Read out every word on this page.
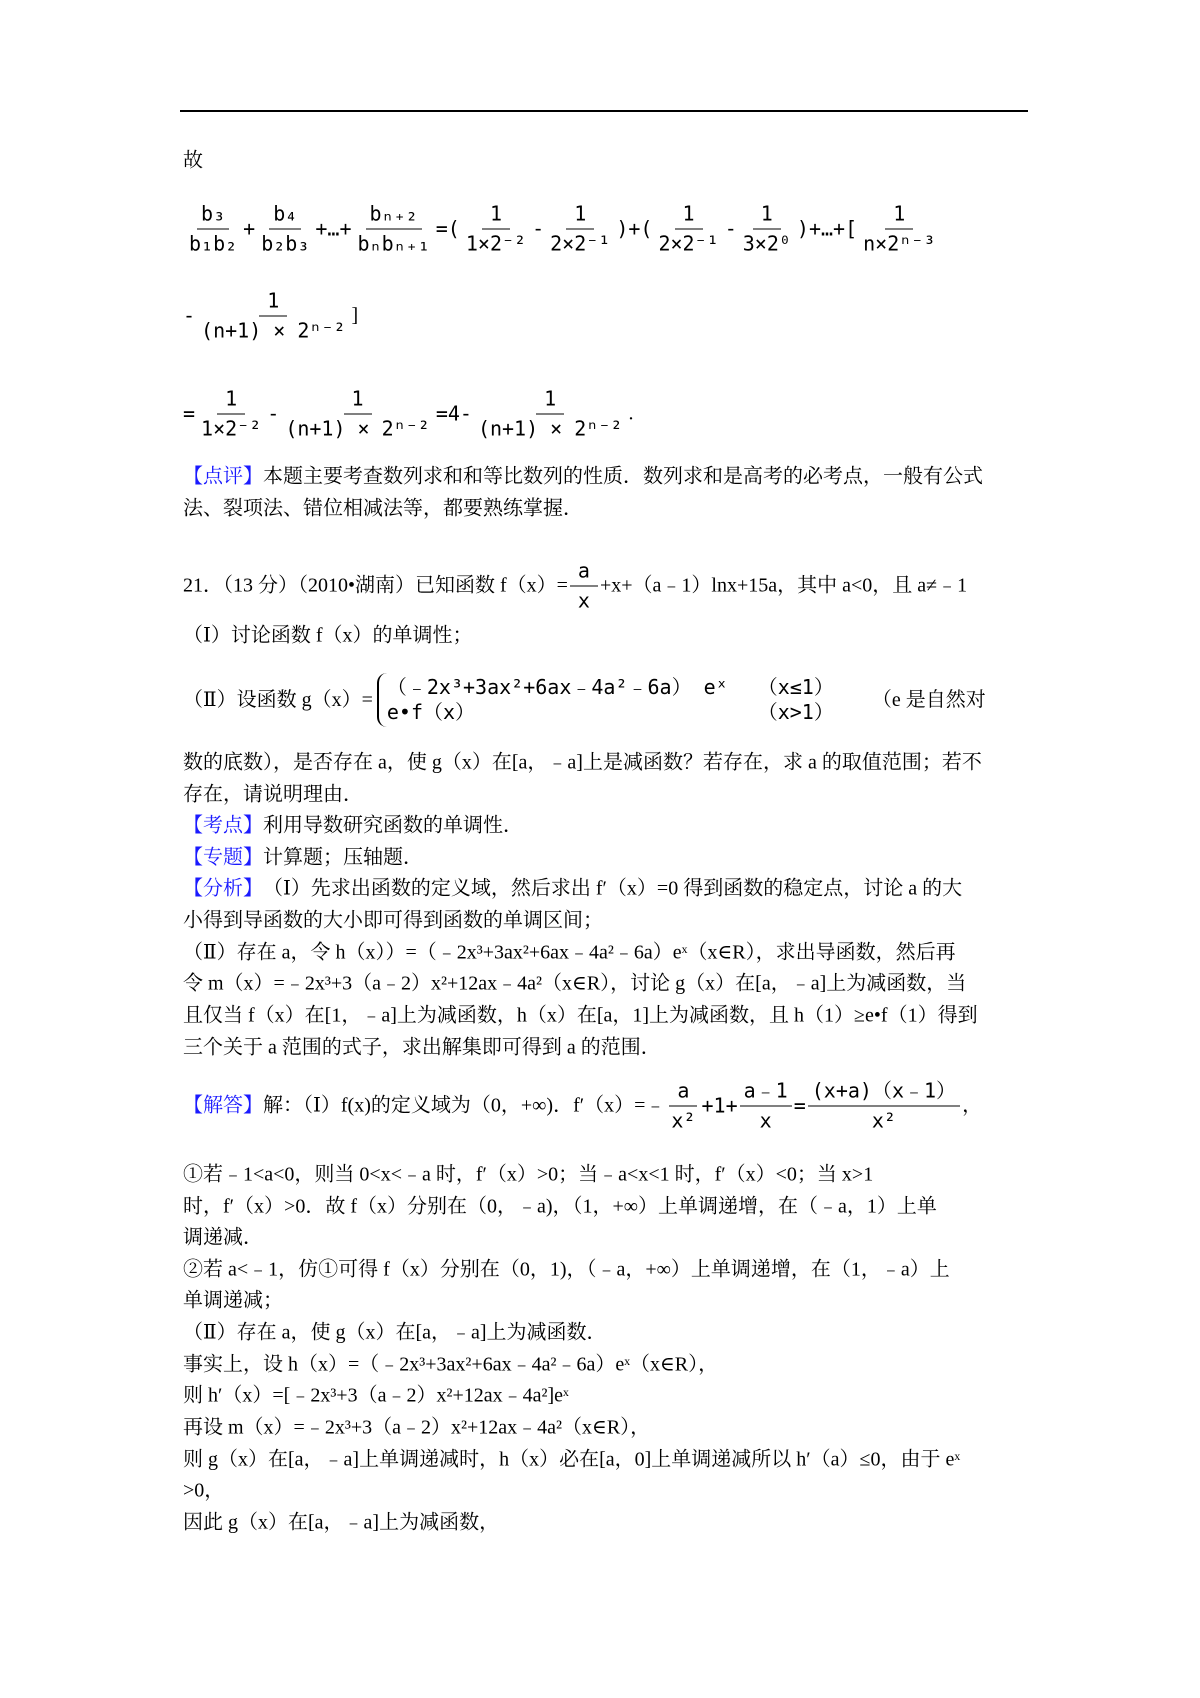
故
$\frac{\text{b₃}}{\text{b₁b₂}} + \frac{\text{b₄}}{\text{b₂b₃}}$ +…+ $\frac{\text{bₙ₊₂}}{\text{bₙbₙ₊₁}}$ =( $\frac{1}{\text{1×2⁻²}} - \frac{1}{\text{2×2⁻¹}}$ )+( $\frac{1}{\text{2×2⁻¹}} - \frac{1}{\text{3×2⁰}}$ )+…+[ $\frac{1}{\text{n×2ⁿ⁻³}}$
- $\frac{1}{\text{(n+1) × 2ⁿ⁻²}}$ ]
= $\frac{1}{\text{1×2⁻²}} - \frac{1}{\text{(n+1) × 2ⁿ⁻²}} =4- \frac{1}{\text{(n+1) × 2ⁿ⁻²}}$ .
【点评】 本题主要考查数列求和和等比数列的性质．数列求和是高考的必考点，一般有公式
法、裂项法、错位相减法等，都要熟练掌握．
21．（13 分）（2010•湖南）已知函数 $f(x)= \frac{a}{x}$ +x+（a﹣1）lnx+15a，其中 a<0，且 a≠﹣1
（Ⅰ）讨论函数 f（x）的单调性；
（Ⅱ）设函数 g（x）=
（﹣2x³+3ax²+6ax﹣4a²﹣6a） eˣ （x≤1）
e•f（x）	（x>1）
（e 是自然对
数的底数），是否存在 a，使 g（x）在[a，﹣a]上是减函数？若存在，求 a 的取值范围；若不
存在，请说明理由．
【考点】 利用导数研究函数的单调性．
【专题】 计算题；压轴题．
【分析】 （Ⅰ）先求出函数的定义域，然后求出 f′（x）=0 得到函数的稳定点，讨论 a 的大
小得到导函数的大小即可得到函数的单调区间；
（Ⅱ）存在 a，令 h（x））=（﹣2x³+3ax²+6ax﹣4a²﹣6a）eˣ（x∈R），求出导函数，然后再
令 m（x）=﹣2x³+3（a﹣2）x²+12ax﹣4a²（x∈R），讨论 g（x）在[a，﹣a]上为减函数，当
且仅当 f（x）在[1，﹣a]上为减函数，h（x）在[a，1]上为减函数，且 h（1）≥e•f（1）得到
三个关于 a 范围的式子，求出解集即可得到 a 的范围．
【解答】 解：（Ⅰ）f(x)的定义域为（0，+∞)．f′（x）=﹣ $\frac{a}{\text{x²}} +1+ \frac{a﹣1}{x} = \frac{(x+a)(x﹣1)}{\text{x²}}$ ，
①若﹣1<a<0，则当 0<x<﹣a 时，f′（x）>0；当﹣a<x<1 时，f′（x）<0；当 x>1
时，f′（x）>0．故 f（x）分别在（0，﹣a)，（1，+∞）上单调递增，在（﹣a，1）上单
调递减．
②若 a<﹣1，仿①可得 f（x）分别在（0，1)，（﹣a，+∞）上单调递增，在（1，﹣a）上
单调递减；
（Ⅱ）存在 a，使 g（x）在[a，﹣a]上为减函数．
事实上，设 h（x）=（﹣2x³+3ax²+6ax﹣4a²﹣6a）eˣ（x∈R），
则 h′（x）=[﹣2x³+3（a﹣2）x²+12ax﹣4a²]eˣ
再设 m（x）=﹣2x³+3（a﹣2）x²+12ax﹣4a²（x∈R），
则 g（x）在[a，﹣a]上单调递减时，h（x）必在[a，0]上单调递减所以 h′（a）≤0，由于 eˣ
>0，
因此 g（x）在[a，﹣a]上为减函数，
